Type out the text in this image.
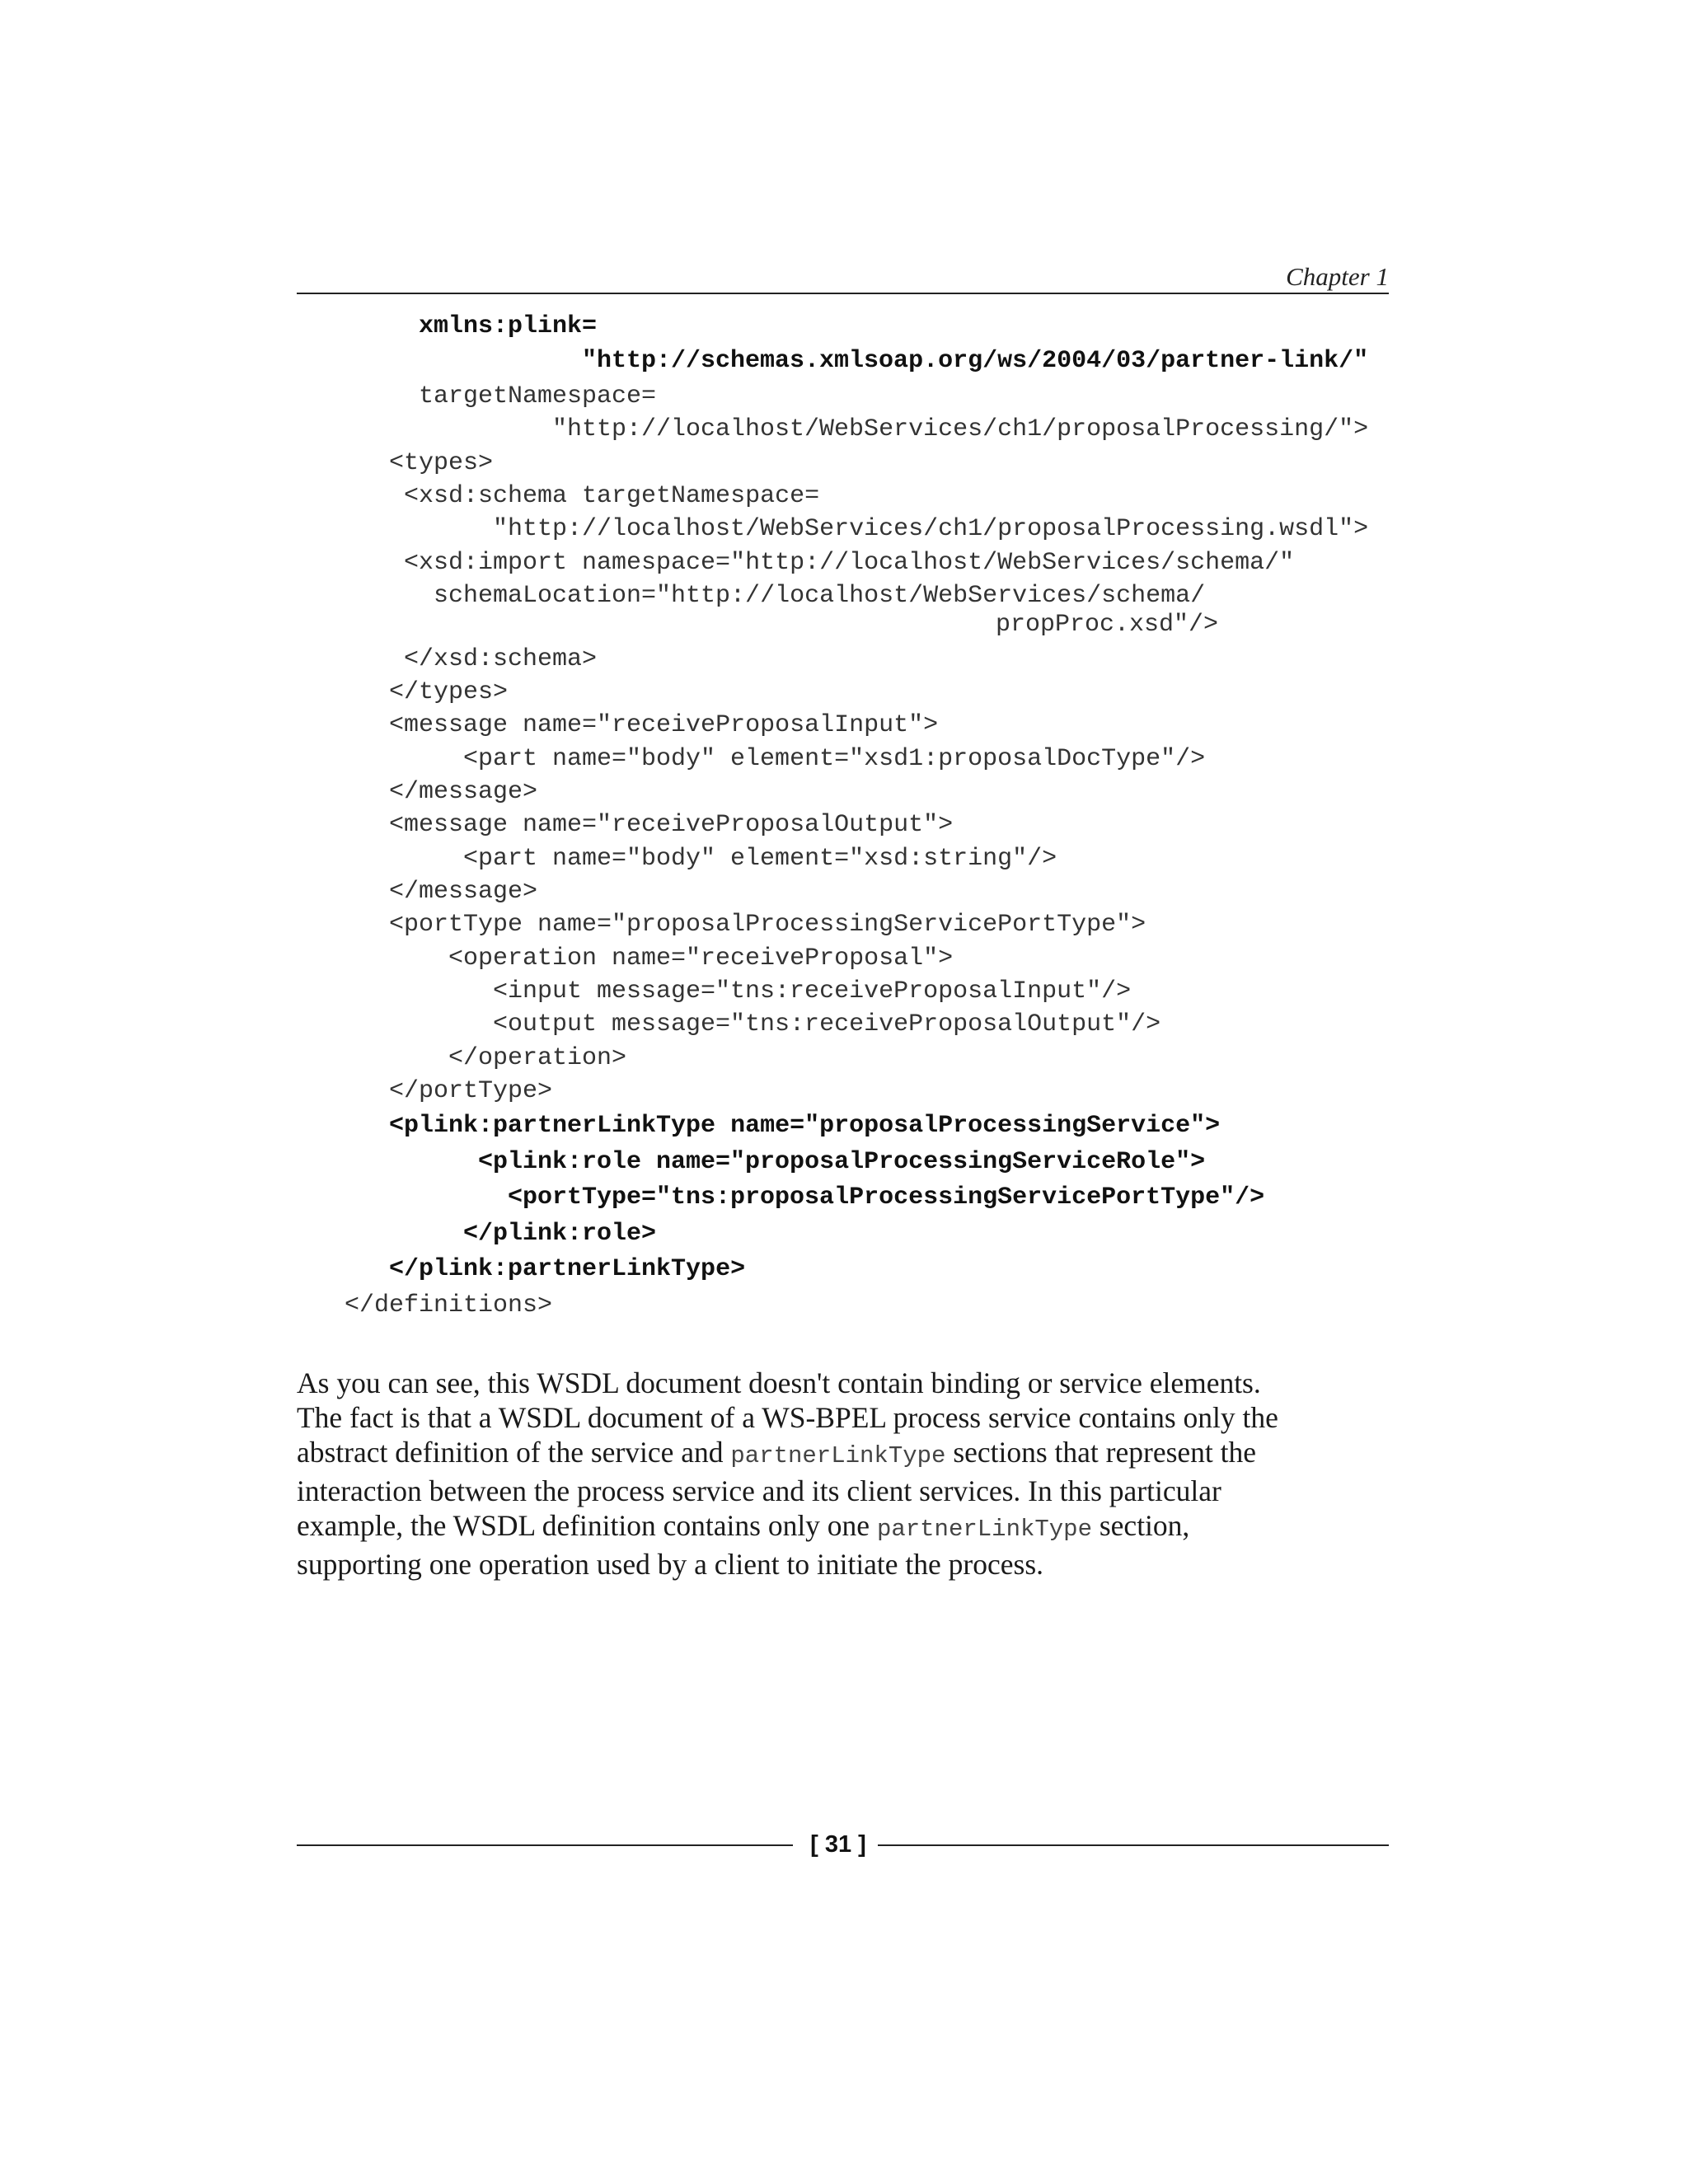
Chapter 1
xmlns:plink=
"http://schemas.xmlsoap.org/ws/2004/03/partner-link/"
targetNamespace=
"http://localhost/WebServices/ch1/proposalProcessing/">
<types>
<xsd:schema targetNamespace=
"http://localhost/WebServices/ch1/proposalProcessing.wsdl">
<xsd:import namespace="http://localhost/WebServices/schema/"
schemaLocation="http://localhost/WebServices/schema/
propProc.xsd"/>
</xsd:schema>
</types>
<message name="receiveProposalInput">
<part name="body" element="xsd1:proposalDocType"/>
</message>
<message name="receiveProposalOutput">
<part name="body" element="xsd:string"/>
</message>
<portType name="proposalProcessingServicePortType">
<operation name="receiveProposal">
<input message="tns:receiveProposalInput"/>
<output message="tns:receiveProposalOutput"/>
</operation>
</portType>
<plink:partnerLinkType name="proposalProcessingService">
<plink:role name="proposalProcessingServiceRole">
<portType="tns:proposalProcessingServicePortType"/>
</plink:role>
</plink:partnerLinkType>
</definitions>
As you can see, this WSDL document doesn't contain binding or service elements.
The fact is that a WSDL document of a WS-BPEL process service contains only the
abstract definition of the service and partnerLinkType sections that represent the
interaction between the process service and its client services. In this particular
example, the WSDL definition contains only one partnerLinkType section,
supporting one operation used by a client to initiate the process.
[ 31 ]
